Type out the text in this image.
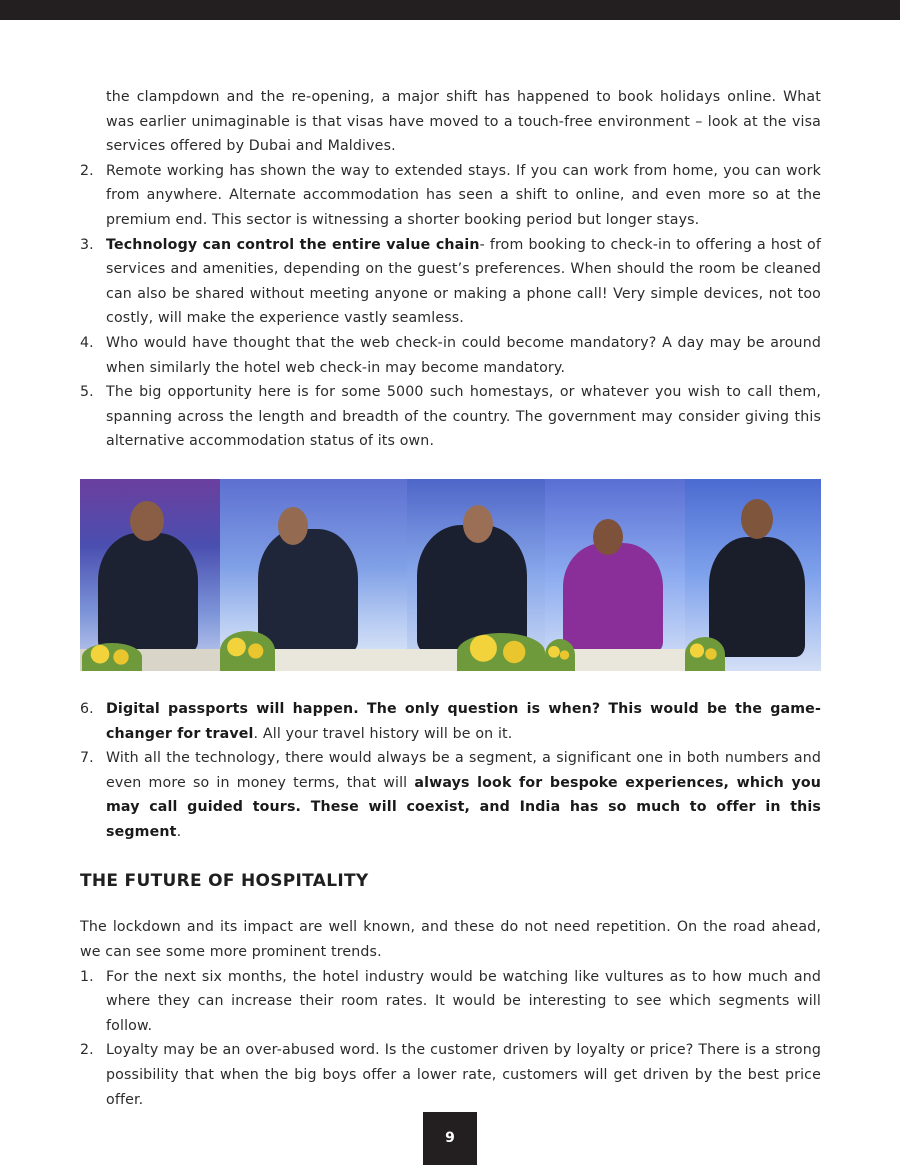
the clampdown and the re-opening, a major shift has happened to book holidays online. What was earlier unimaginable is that visas have moved to a touch-free environment – look at the visa services offered by Dubai and Maldives.

2. Remote working has shown the way to extended stays. If you can work from home, you can work from anywhere. Alternate accommodation has seen a shift to online, and even more so at the premium end. This sector is witnessing a shorter booking period but longer stays.
3. Technology can control the entire value chain- from booking to check-in to offering a host of services and amenities, depending on the guest’s preferences. When should the room be cleaned can also be shared without meeting anyone or making a phone call! Very simple devices, not too costly, will make the experience vastly seamless.
4. Who would have thought that the web check-in could become mandatory? A day may be around when similarly the hotel web check-in may become mandatory.
5. The big opportunity here is for some 5000 such homestays, or whatever you wish to call them, spanning across the length and breadth of the country. The government may consider giving this alternative accommodation status of its own.
6. Digital passports will happen. The only question is when? This would be the game-changer for travel. All your travel history will be on it.
7. With all the technology, there would always be a segment, a significant one in both numbers and even more so in money terms, that will always look for bespoke experiences, which you may call guided tours. These will coexist, and India has so much to offer in this segment.
THE FUTURE OF HOSPITALITY

The lockdown and its impact are well known, and these do not need repetition. On the road ahead, we can see some more prominent trends.

1. For the next six months, the hotel industry would be watching like vultures as to how much and where they can increase their room rates. It would be interesting to see which segments will follow.
2. Loyalty may be an over-abused word. Is the customer driven by loyalty or price? There is a strong possibility that when the big boys offer a lower rate, customers will get driven by the best price offer.
9
